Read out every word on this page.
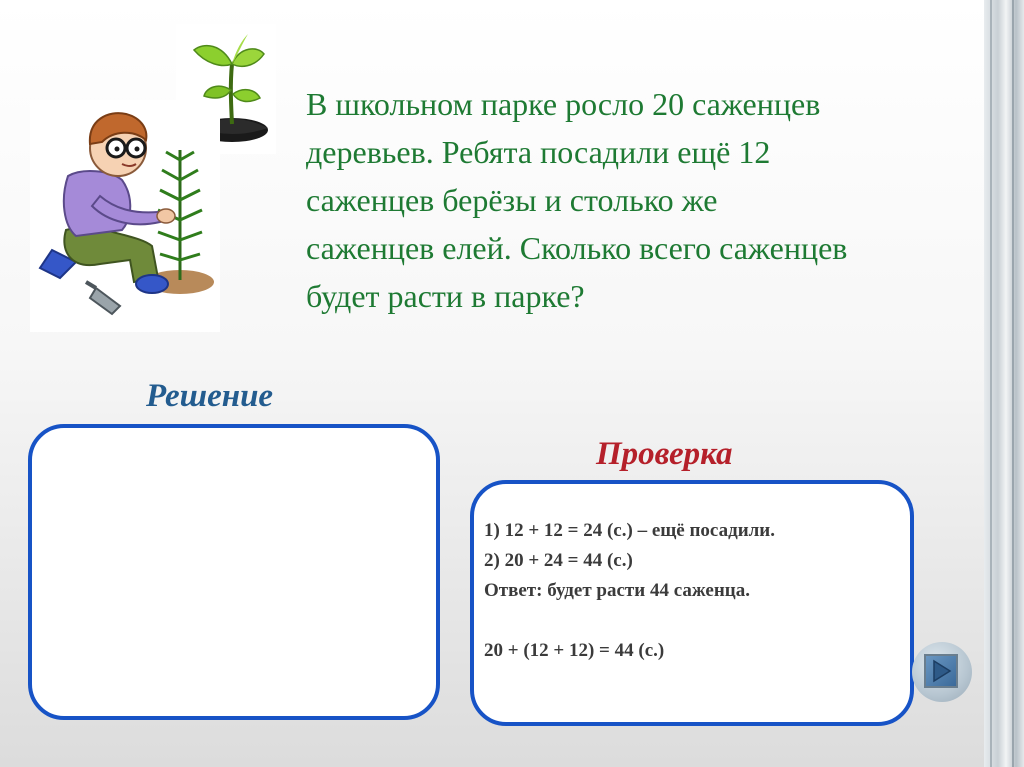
В школьном парке росло 20 саженцев
деревьев. Ребята посадили ещё 12
саженцев берёзы и столько же
саженцев елей. Сколько всего саженцев
будет расти в парке?

Решение
Проверка
1) 12 + 12 = 24 (с.) – ещё посадили.
2) 20 + 24 = 44 (с.)
Ответ: будет расти 44 саженца.
20 + (12 + 12) = 44 (с.)
